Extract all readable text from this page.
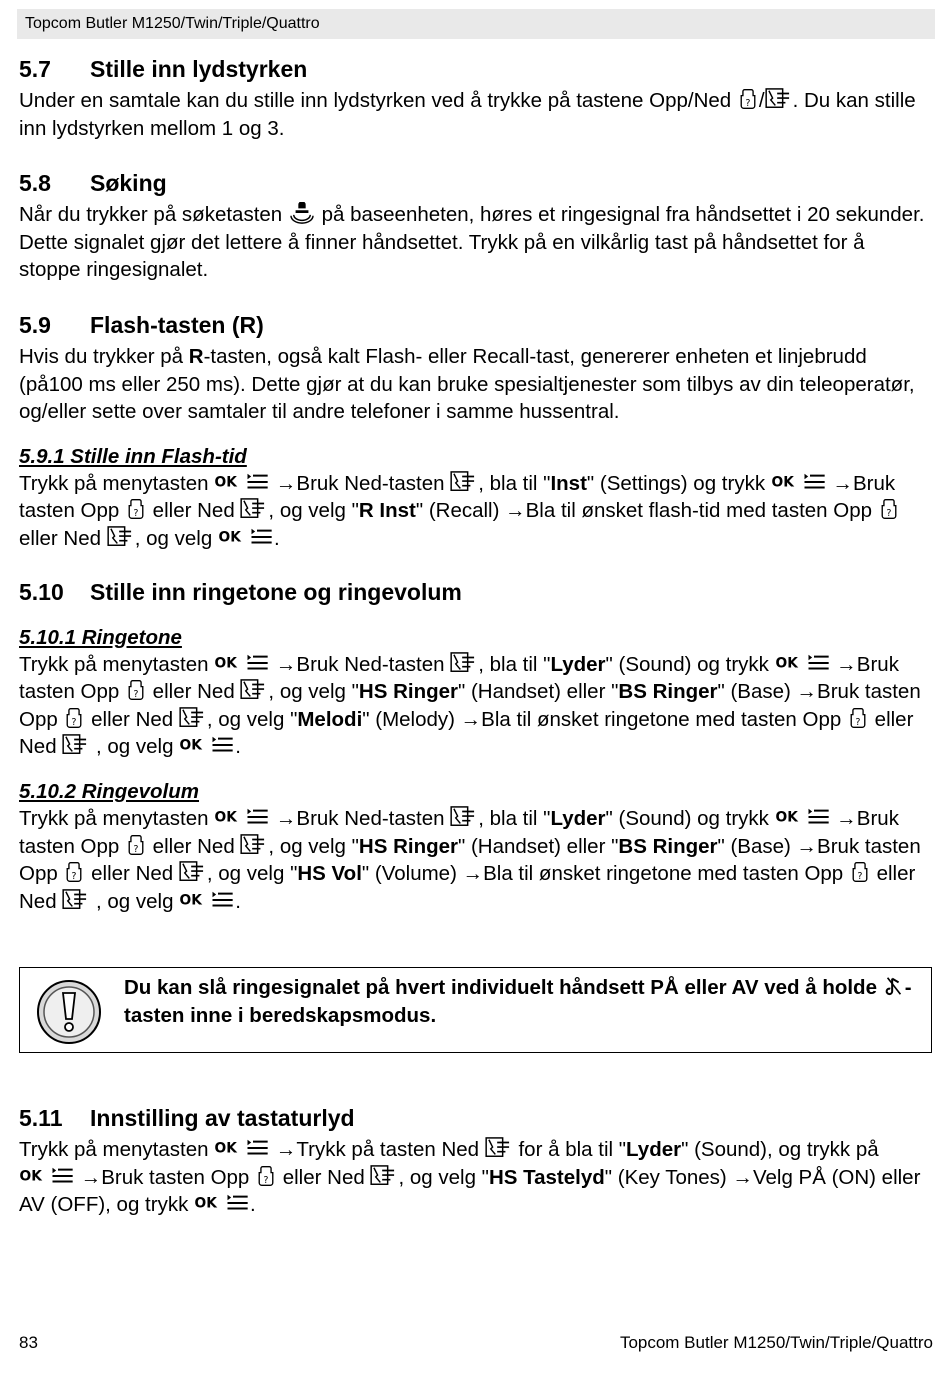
Topcom Butler M1250/Twin/Triple/Quattro
5.7 Stille inn lydstyrken

Under en samtale kan du stille inn lydstyrken ved å trykke på tastene Opp/Ned / . Du kan stille inn lydstyrken mellom 1 og 3.

5.8 Søking

Når du trykker på søketasten  på baseenheten, høres et ringesignal fra håndsettet i 20 sekunder. Dette signalet gjør det lettere å finner håndsettet. Trykk på en vilkårlig tast på håndsettet for å stoppe ringesignalet.

5.9 Flash-tasten (R)

Hvis du trykker på R-tasten, også kalt Flash- eller Recall-tast, genererer enheten et linjebrudd (på100 ms eller 250 ms). Dette gjør at du kan bruke spesialtjenester som tilbys av din teleoperatør, og/eller sette over samtaler til andre telefoner i samme hussentral.

5.9.1 Stille inn Flash-tid

Trykk på menytasten	→Bruk Ned-tasten , bla til "Inst" (Settings) og trykk	→Bruk tasten Opp  eller Ned , og velg "R Inst" (Recall) →Bla til ønsket flash-tid med tasten Opp  eller Ned , og velg	.

5.10 Stille inn ringetone og ringevolum
5.10.1 Ringetone

Trykk på menytasten	→Bruk Ned-tasten , bla til "Lyder" (Sound) og trykk	→Bruk tasten Opp  eller Ned , og velg "HS Ringer" (Handset) eller "BS Ringer" (Base) →Bruk tasten Opp  eller Ned , og velg "Melodi" (Melody) →Bla til ønsket ringetone med tasten Opp  eller Ned  , og velg	.

5.10.2 Ringevolum

Trykk på menytasten	→Bruk Ned-tasten , bla til "Lyder" (Sound) og trykk	→Bruk tasten Opp  eller Ned , og velg "HS Ringer" (Handset) eller "BS Ringer" (Base) →Bruk tasten Opp  eller Ned , og velg "HS Vol" (Volume) →Bla til ønsket ringetone med tasten Opp  eller Ned  , og velg	.

Du kan slå ringesignalet på hvert individuelt håndsett PÅ eller AV ved å holde -tasten inne i beredskapsmodus.
5.11 Innstilling av tastaturlyd

Trykk på menytasten	→Trykk på tasten Ned  for å bla til "Lyder" (Sound), og trykk på →Bruk tasten Opp  eller Ned , og velg "HS Tastelyd" (Key Tones) →Velg PÅ (ON) eller AV (OFF), og trykk	.

83	Topcom Butler M1250/Twin/Triple/Quattro
